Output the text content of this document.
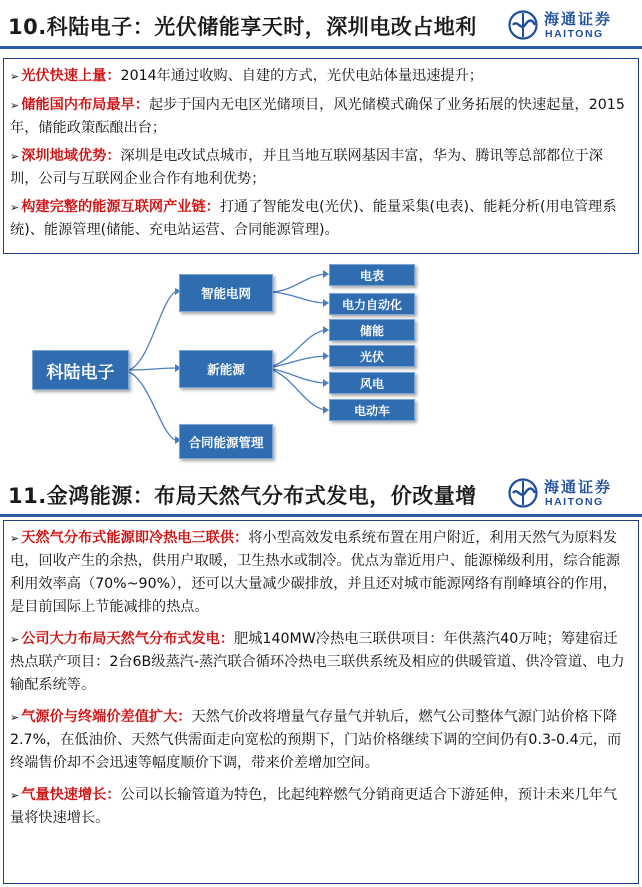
10.科陆电子：光伏储能享天时，深圳电改占地利	海通证券
HAITONG

➢ 光伏快速上量：2014年通过收购、自建的方式，光伏电站体量迅速提升；

➢ 储能国内布局最早：起步于国内无电区光储项目，风光储模式确保了业务拓展的快速起量，2015年，储能政策酝酿出台；

➢ 深圳地域优势：深圳是电改试点城市，并且当地互联网基因丰富，华为、腾讯等总部都位于深圳，公司与互联网企业合作有地利优势；

➢ 构建完整的能源互联网产业链：打通了智能发电(光伏)、能量采集(电表)、能耗分析(用电管理系统)、能源管理(储能、充电站运营、合同能源管理)。

科陆电子
智能电网
新能源
合同能源管理
电表
电力自动化
储能
光伏
风电
电动车
11.金鸿能源：布局天然气分布式发电，价改量增	海通证券
HAITONG

➢ 天然气分布式能源即冷热电三联供：将小型高效发电系统布置在用户附近，利用天然气为原料发电，回收产生的余热，供用户取暖，卫生热水或制冷。优点为靠近用户、能源梯级利用，综合能源利用效率高（70%~90%），还可以大量减少碳排放，并且还对城市能源网络有削峰填谷的作用，是目前国际上节能减排的热点。

➢ 公司大力布局天然气分布式发电：肥城140MW冷热电三联供项目：年供蒸汽40万吨；筹建宿迁热点联产项目：2台6B级蒸汽-蒸汽联合循环冷热电三联供系统及相应的供暖管道、供冷管道、电力输配系统等。

➢ 气源价与终端价差值扩大：天然气价改将增量气存量气并轨后，燃气公司整体气源门站价格下降2.7%，在低油价、天然气供需面走向宽松的预期下，门站价格继续下调的空间仍有0.3-0.4元，而终端售价却不会迅速等幅度顺价下调，带来价差增加空间。

➢ 气量快速增长：公司以长输管道为特色，比起纯粹燃气分销商更适合下游延伸，预计未来几年气量将快速增长。
